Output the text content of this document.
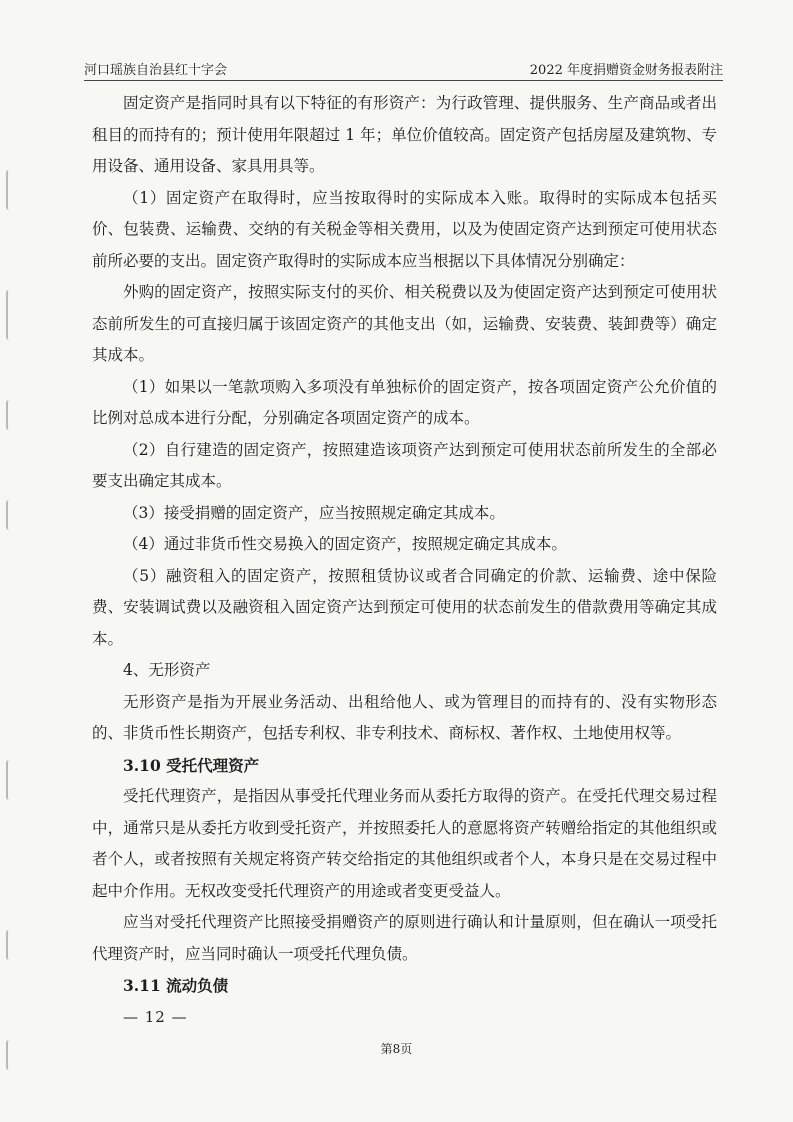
河口瑶族自治县红十字会	2022 年度捐赠资金财务报表附注

固定资产是指同时具有以下特征的有形资产：为行政管理、提供服务、生产商品或者出租目的而持有的；预计使用年限超过 1 年；单位价值较高。固定资产包括房屋及建筑物、专用设备、通用设备、家具用具等。

（1）固定资产在取得时，应当按取得时的实际成本入账。取得时的实际成本包括买价、包装费、运输费、交纳的有关税金等相关费用，以及为使固定资产达到预定可使用状态前所必要的支出。固定资产取得时的实际成本应当根据以下具体情况分别确定：

外购的固定资产，按照实际支付的买价、相关税费以及为使固定资产达到预定可使用状态前所发生的可直接归属于该固定资产的其他支出（如，运输费、安装费、装卸费等）确定其成本。

（1）如果以一笔款项购入多项没有单独标价的固定资产，按各项固定资产公允价值的比例对总成本进行分配，分别确定各项固定资产的成本。

（2）自行建造的固定资产，按照建造该项资产达到预定可使用状态前所发生的全部必要支出确定其成本。

（3）接受捐赠的固定资产，应当按照规定确定其成本。

（4）通过非货币性交易换入的固定资产，按照规定确定其成本。

（5）融资租入的固定资产，按照租赁协议或者合同确定的价款、运输费、途中保险费、安装调试费以及融资租入固定资产达到预定可使用的状态前发生的借款费用等确定其成本。

4、无形资产

无形资产是指为开展业务活动、出租给他人、或为管理目的而持有的、没有实物形态的、非货币性长期资产，包括专利权、非专利技术、商标权、著作权、土地使用权等。

3.10 受托代理资产

受托代理资产，是指因从事受托代理业务而从委托方取得的资产。在受托代理交易过程中，通常只是从委托方收到受托资产，并按照委托人的意愿将资产转赠给指定的其他组织或者个人，或者按照有关规定将资产转交给指定的其他组织或者个人，本身只是在交易过程中起中介作用。无权改变受托代理资产的用途或者变更受益人。

应当对受托代理资产比照接受捐赠资产的原则进行确认和计量原则，但在确认一项受托代理资产时，应当同时确认一项受托代理负债。

3.11 流动负债

— 12 —

第8页
